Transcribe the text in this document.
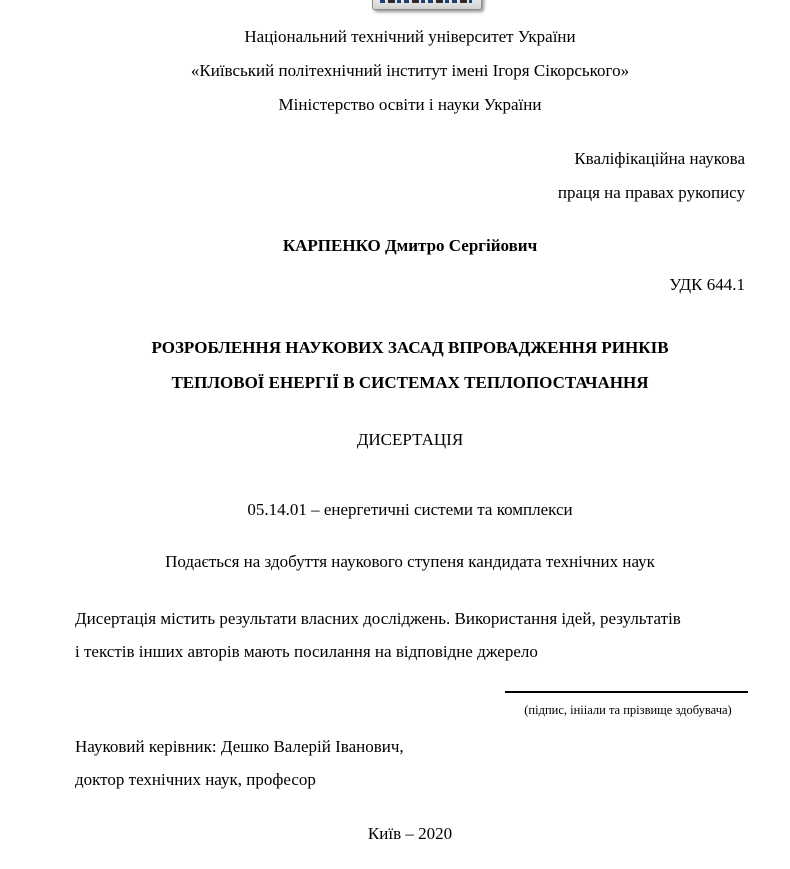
Національний технічний університет України
«Київський політехнічний інститут імені Ігоря Сікорського»
Міністерство освіти і науки України
Кваліфікаційна наукова
праця на правах рукопису
КАРПЕНКО Дмитро Сергійович
УДК 644.1
РОЗРОБЛЕННЯ НАУКОВИХ ЗАСАД ВПРОВАДЖЕННЯ РИНКІВ
ТЕПЛОВОЇ ЕНЕРГІЇ В СИСТЕМАХ ТЕПЛОПОСТАЧАННЯ
ДИСЕРТАЦІЯ
05.14.01 – енергетичні системи та комплекси
Подається на здобуття наукового ступеня кандидата технічних наук
Дисертація містить результати власних досліджень. Використання ідей, результатів
і текстів інших авторів мають посилання на відповідне джерело
(підпис, інііали та прізвище здобувача)
Науковий керівник: Дешко Валерій Іванович,
доктор технічних наук, професор
Київ – 2020
